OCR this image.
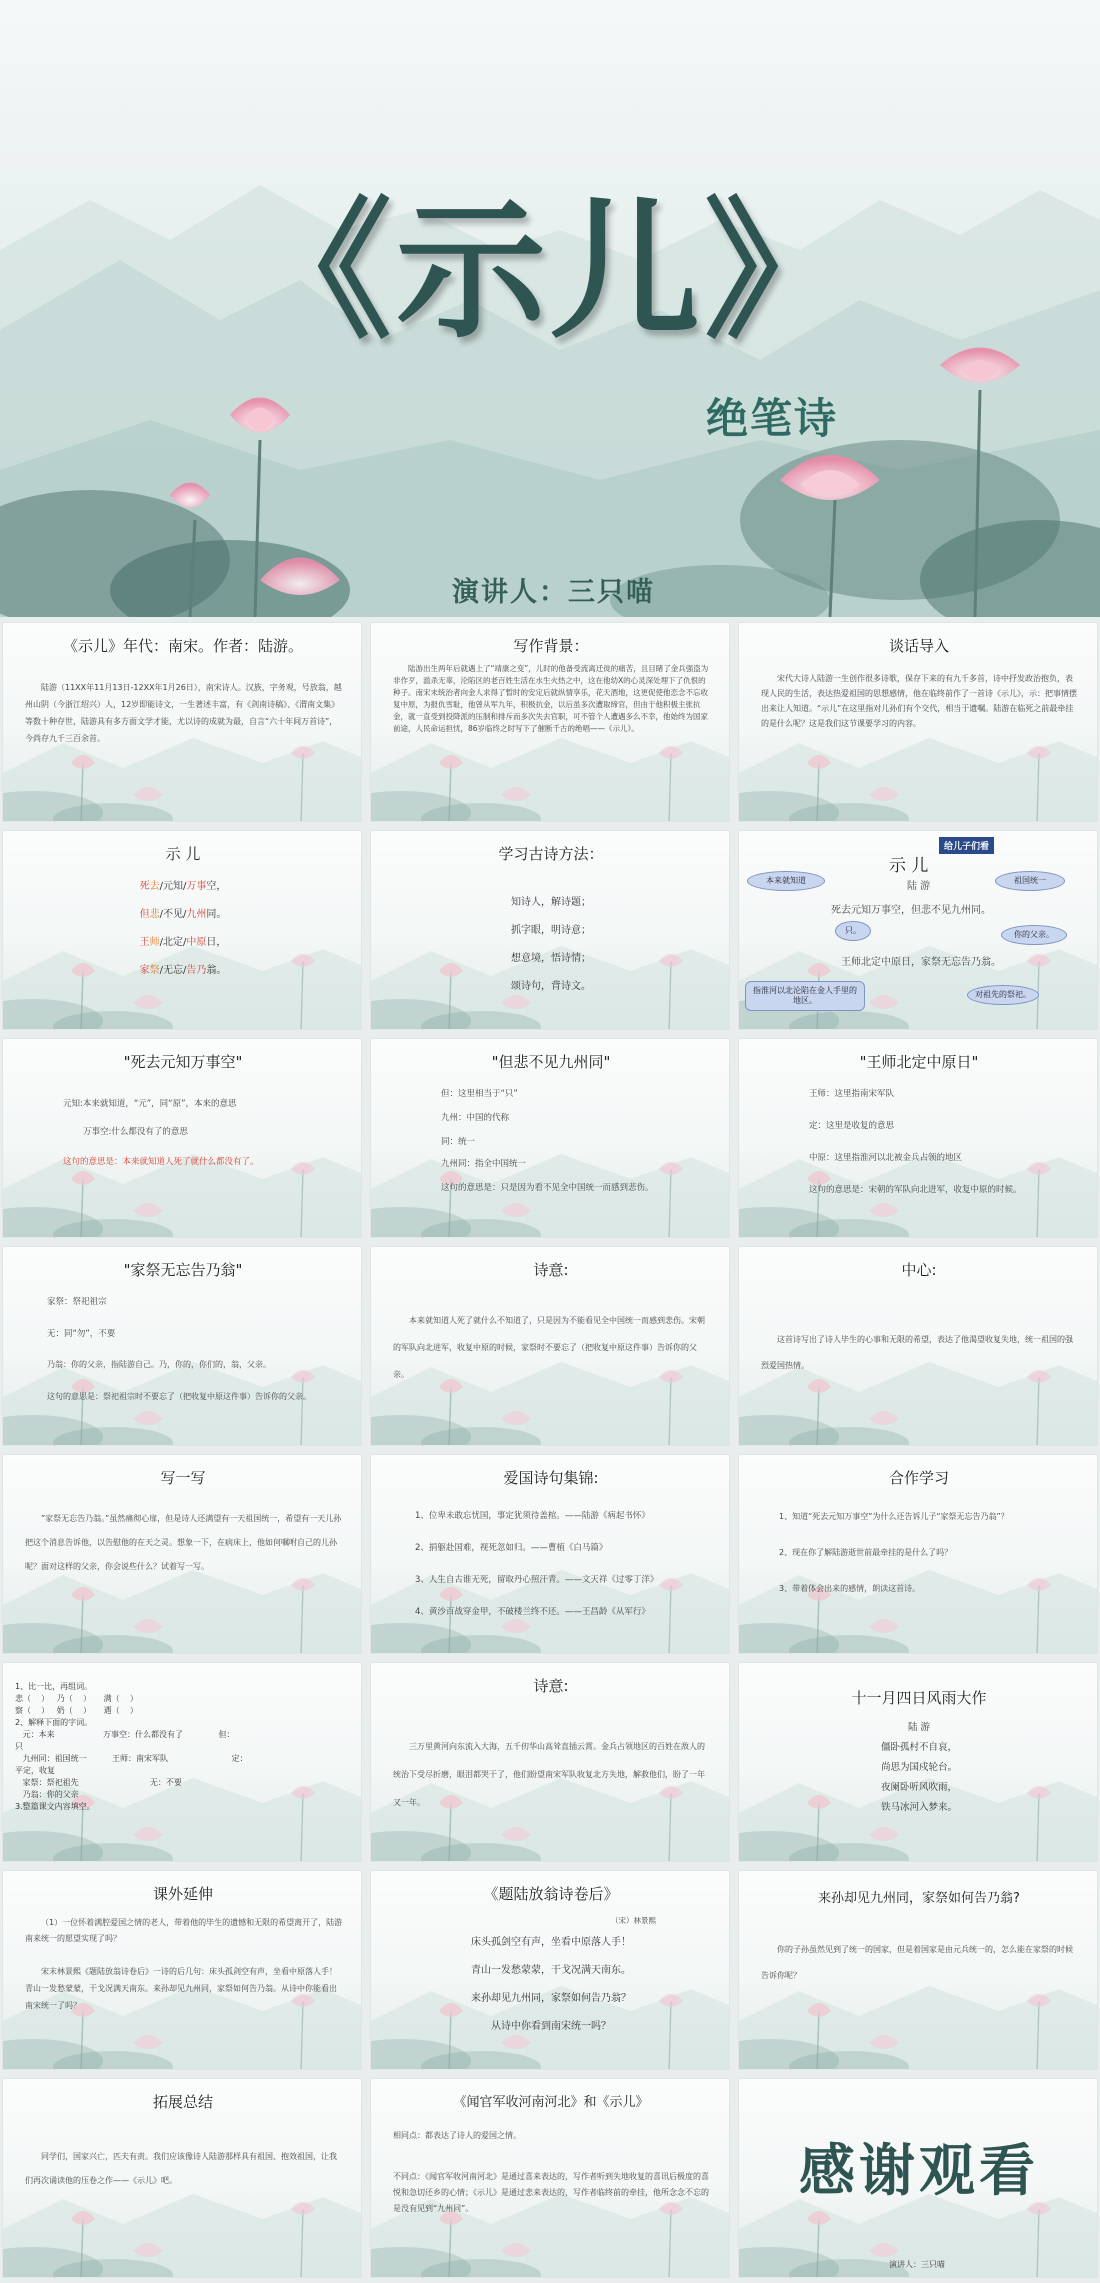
《示儿》
绝笔诗
演讲人：三只喵
《示儿》年代：南宋。作者：陆游。
陆游（11XX年11月13日-12XX年1月26日），南宋诗人。汉族，字务观，号放翁，越州山阴（今浙江绍兴）人，12岁即能诗文，一生著述丰富，有《剑南诗稿》、《渭南文集》等数十种存世，陆游具有多方面文学才能，尤以诗的成就为最，自言“六十年间万首诗”，今尚存九千三百余首。
写作背景：
陆游出生两年后就遇上了“靖康之变”，儿时的他备受流离迁徙的痛苦，且目睹了金兵强盗为非作歹，滥杀无辜，沦陷区的老百姓生活在水生火热之中，这在他幼X的心灵深处埋下了仇恨的种子。南宋末统治者向金人求得了暂时的安定后就纵情享乐，花天酒地，这更促使他恋念不忘收复中原，为报仇雪耻，他曾从军九年，积极抗金，以后虽多次遭取缔官，但由于他积极主张抗金，就一直受到投降派的压制和排斥而多次失去官职，可不管个人遭遇多么不幸，他始终为国家前途，人民命运担忧，86岁临终之时写下了催断千古的绝唱——《示儿》。
谈话导入
宋代大诗人陆游一生创作很多诗歌，保存下来的有九千多首，诗中抒发政治抱负，表现人民的生活，表达热爱祖国的思想感情，他在临终前作了一首诗《示儿》，示：把事情摆出来让人知道。“示儿”在这里指对儿孙们有个交代，相当于遗嘱。陆游在临死之前最牵挂的是什么呢？这是我们这节课要学习的内容。
示 儿
死去/元知/万事空，
但悲/不见/九州同。
王师/北定/中原日，
家祭/无忘/告乃翁。
学习古诗方法：
知诗人，解诗题；
抓字眼，明诗意；
想意境，悟诗情；
颂诗句，背诗文。
给儿子们看
示 儿
陆 游
死去元知万事空，但悲不见九州同。
王师北定中原日，家祭无忘告乃翁。
本来就知道	祖国统一
只。	你的父亲。
指淮河以北沦陷在金人手里的地区。
对祖先的祭祀。
"死去元知万事空"
元知:本来就知道，“元”，同“原”，本来的意思
万事空:什么都没有了的意思
这句的意思是：本来就知道人死了就什么都没有了。
"但悲不见九州同"
但：这里相当于“只”
九州：中国的代称
同：统一
九州同：指全中国统一
这句的意思是：只是因为看不见全中国统一而感到悲伤。
"王师北定中原日"
王师：这里指南宋军队
定：这里是收复的意思
中原：这里指淮河以北被金兵占领的地区
这句的意思是：宋朝的军队向北进军，收复中原的时候。
"家祭无忘告乃翁"
家祭：祭祀祖宗
无：同“勿”，不要
乃翁：你的父亲，指陆游自己。乃，你的，你们的，翁，父亲。
这句的意思是：祭祀祖宗时不要忘了（把收复中原这件事）告诉你的父亲。
诗意:
本来就知道人死了就什么不知道了，只是因为不能看见全中国统一而感到悲伤。宋朝的军队向北进军，收复中原的时候，家祭时不要忘了（把收复中原这件事）告诉你的父亲。
中心:
这首诗写出了诗人毕生的心事和无限的希望，表达了他渴望收复失地，统一祖国的强烈爱国热情。
写一写
”家祭无忘告乃翁。”虽然痛彻心扉，但是诗人还满望有一天祖国统一，希望有一天儿孙把这个消息告诉他，以告慰他的在天之灵。想象一下，在病床上，他如何嘱咐自己的儿孙呢？面对这样的父亲，你会说些什么？试着写一写。
爱国诗句集锦:
1、位卑未敢忘忧国，事定犹须待盖棺。——陆游《病起书怀》
2、捐躯赴国难，视死忽如归。——曹植《白马篇》
3、人生自古谁无死，留取丹心照汗青。——文天祥《过零丁洋》
4、黄沙百战穿金甲，不破楼兰终不还。——王昌龄《从军行》
合作学习
1、知道“死去元知万事空”为什么还告诉儿子“家祭无忘告乃翁”？
2、现在你了解陆游逝世前最牵挂的是什么了吗？
3、带着体会出来的感情，朗读这首诗。
1、比一比，再组词。
悲（    ）   乃（    ）     满（    ）
察（    ）   奶（    ）     遇（    ）
2、解释下面的字词。
元：本来                   万事空：什么都没有了              但：
只
九州同：祖国统一          王师：南宋军队                         定：
平定，收复
家祭：祭祀祖先                            无：不要
乃翁：你的父亲
3.整篇课文内容填空。
诗意:
三万里黄河向东流入大海，五千仞华山高耸直插云霄。金兵占领地区的百姓在敌人的统治下受尽折磨，眼泪都哭干了，他们盼望南宋军队收复北方失地，解救他们，盼了一年又一年。
十一月四日风雨大作
陆 游
僵卧孤村不自哀，
尚思为国戍轮台。
夜阑卧听风吹雨，
铁马冰河入梦来。
课外延伸
（1）一位怀着满腔爱国之情的老人，带着他的毕生的遗憾和无限的希望离开了，陆游南来统一的愿望实现了吗？
宋末林景熙《题陆放翁诗卷后》一诗的后几句：床头孤剑空有声，坐看中原落人手！青山一发愁蒙蒙，干戈况满天南东。来孙却见九州同，家祭如何告乃翁。从诗中你能看出南宋统一了吗？
《题陆放翁诗卷后》
（宋）林景熙
床头孤剑空有声，坐看中原落人手！
青山一发愁蒙蒙，干戈况满天南东。
来孙却见九州同，家祭如何告乃翁？
从诗中你看到南宋统一吗？
来孙却见九州同，家祭如何告乃翁?
你的子孙虽然见到了统一的国家，但是着国家是由元兵统一的，怎么能在家祭的时候告诉你呢？
拓展总结
同学们，国家兴亡，匹夫有责。我们应该像诗人陆游那样具有祖国、抱效祖国，让我们再次诵读他的压卷之作——《示儿》吧。
《闻官军收河南河北》和《示儿》
相同点：都表达了诗人的爱国之情。
不同点：《闻官军收河南河北》是通过喜来表达的，写作者听到失地收复的喜讯后极度的喜悦和急切还乡的心情；《示儿》是通过悲来表达的，写作者临终前的牵挂，他所念念不忘的是没有见到“九州同”。
感谢观看
演讲人：三只喵
